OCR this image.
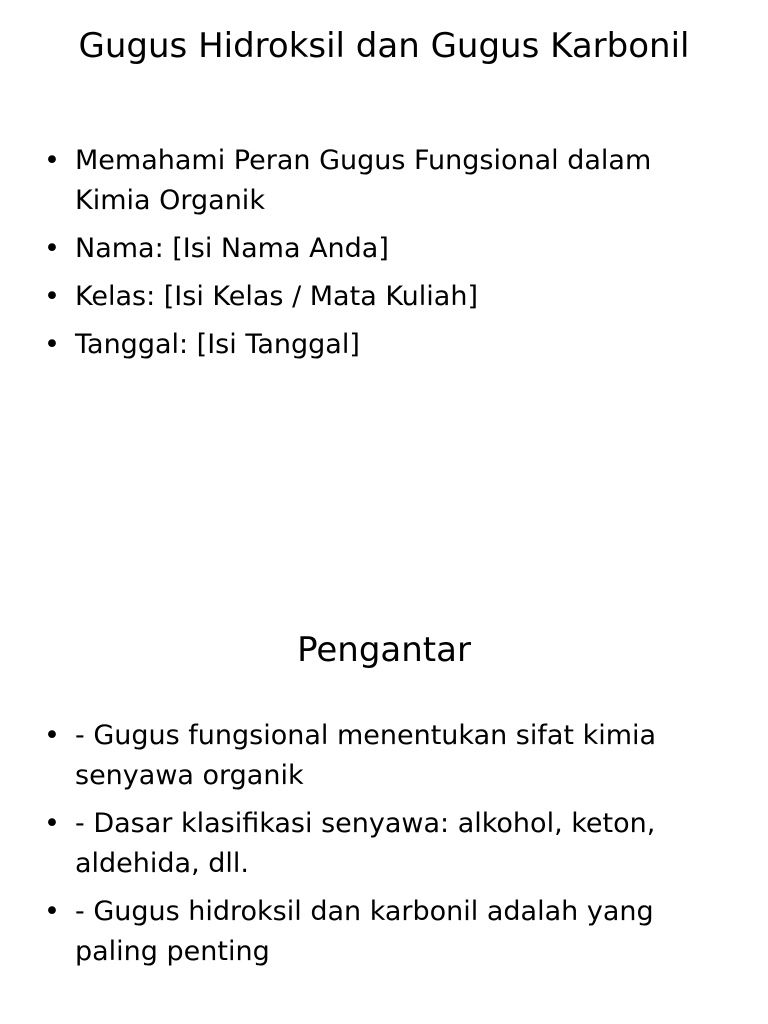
Gugus Hidroksil dan Gugus Karbonil
• Memahami Peran Gugus Fungsional dalam Kimia Organik
• Nama: [Isi Nama Anda]
• Kelas: [Isi Kelas / Mata Kuliah]
• Tanggal: [Isi Tanggal]
Pengantar
• - Gugus fungsional menentukan sifat kimia senyawa organik
• - Dasar klasifikasi senyawa: alkohol, keton, aldehida, dll.
• - Gugus hidroksil dan karbonil adalah yang paling penting
